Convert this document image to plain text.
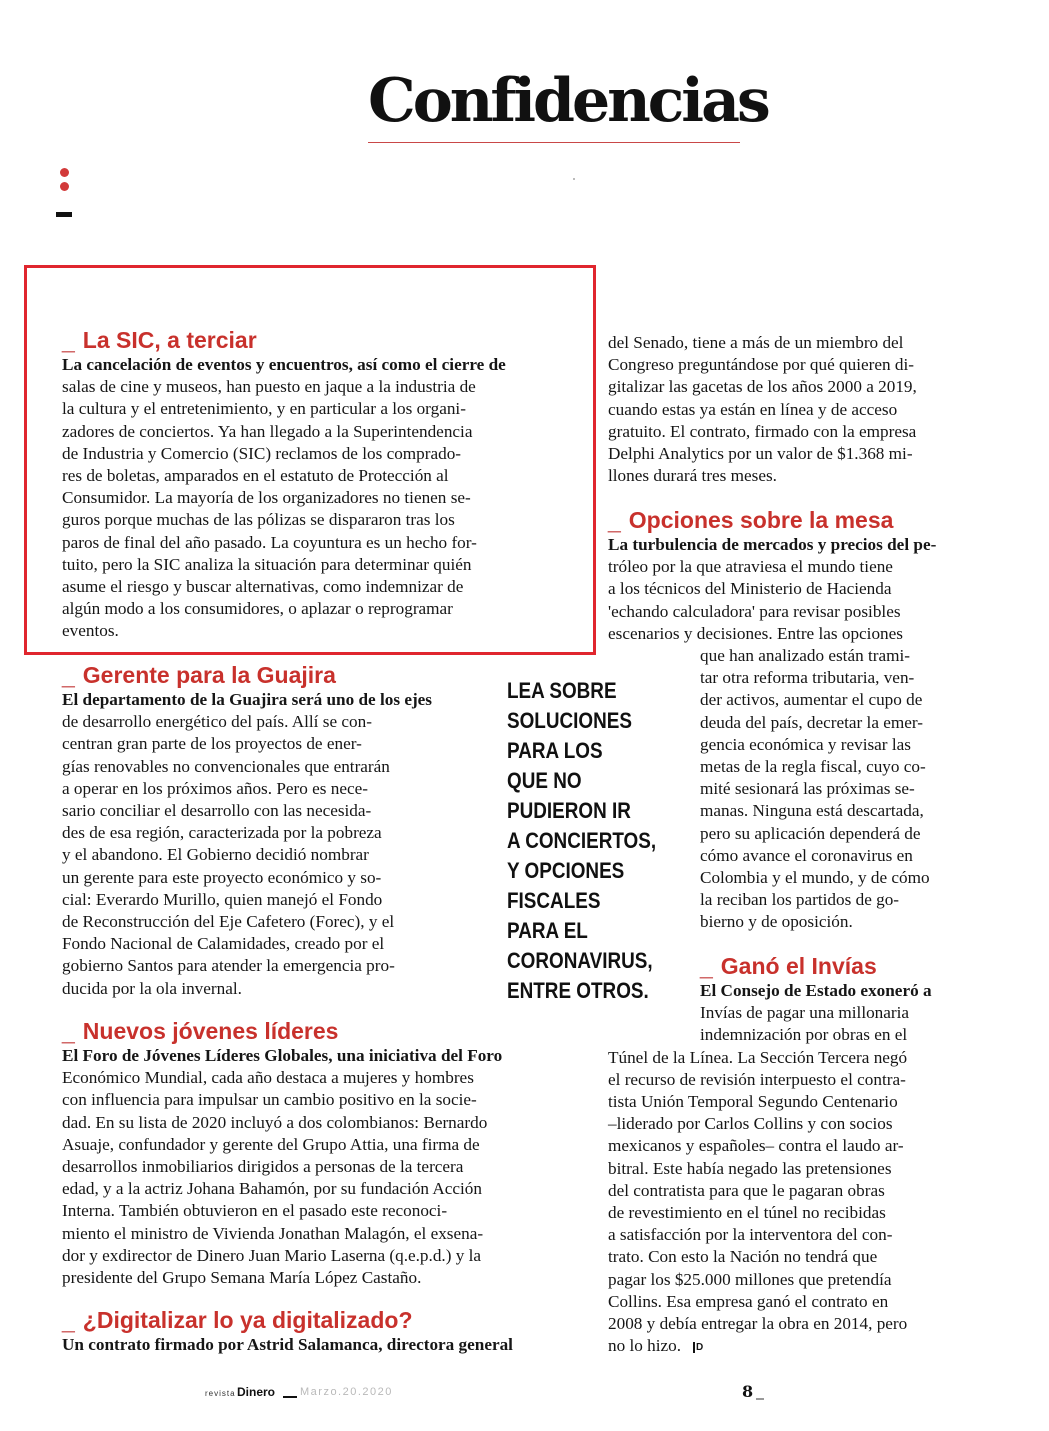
Confidencias
_ La SIC, a terciar
La cancelación de eventos y encuentros, así como el cierre de
salas de cine y museos, han puesto en jaque a la industria de
la cultura y el entretenimiento, y en particular a los organi-
zadores de conciertos. Ya han llegado a la Superintendencia
de Industria y Comercio (SIC) reclamos de los comprado-
res de boletas, amparados en el estatuto de Protección al
Consumidor. La mayoría de los organizadores no tienen se-
guros porque muchas de las pólizas se dispararon tras los
paros de final del año pasado. La coyuntura es un hecho for-
tuito, pero la SIC analiza la situación para determinar quién
asume el riesgo y buscar alternativas, como indemnizar de
algún modo a los consumidores, o aplazar o reprogramar
eventos.
_ Gerente para la Guajira
El departamento de la Guajira será uno de los ejes
de desarrollo energético del país. Allí se con-
centran gran parte de los proyectos de ener-
gías renovables no convencionales que entrarán
a operar en los próximos años. Pero es nece-
sario conciliar el desarrollo con las necesida-
des de esa región, caracterizada por la pobreza
y el abandono. El Gobierno decidió nombrar
un gerente para este proyecto económico y so-
cial: Everardo Murillo, quien manejó el Fondo
de Reconstrucción del Eje Cafetero (Forec), y el
Fondo Nacional de Calamidades, creado por el
gobierno Santos para atender la emergencia pro-
ducida por la ola invernal.
LEA SOBRE
SOLUCIONES
PARA LOS
QUE NO
PUDIERON IR
A CONCIERTOS,
Y OPCIONES
FISCALES
PARA EL
CORONAVIRUS,
ENTRE OTROS.
_ Nuevos jóvenes líderes
El Foro de Jóvenes Líderes Globales, una iniciativa del Foro
Económico Mundial, cada año destaca a mujeres y hombres
con influencia para impulsar un cambio positivo en la socie-
dad. En su lista de 2020 incluyó a dos colombianos: Bernardo
Asuaje, confundador y gerente del Grupo Attia, una firma de
desarrollos inmobiliarios dirigidos a personas de la tercera
edad, y a la actriz Johana Bahamón, por su fundación Acción
Interna. También obtuvieron en el pasado este reconoci-
miento el ministro de Vivienda Jonathan Malagón, el exsena-
dor y exdirector de Dinero Juan Mario Laserna (q.e.p.d.) y la
presidente del Grupo Semana María López Castaño.
_ ¿Digitalizar lo ya digitalizado?
Un contrato firmado por Astrid Salamanca, directora general
del Senado, tiene a más de un miembro del
Congreso preguntándose por qué quieren di-
gitalizar las gacetas de los años 2000 a 2019,
cuando estas ya están en línea y de acceso
gratuito. El contrato, firmado con la empresa
Delphi Analytics por un valor de $1.368 mi-
llones durará tres meses.
_ Opciones sobre la mesa
La turbulencia de mercados y precios del pe-
tróleo por la que atraviesa el mundo tiene
a los técnicos del Ministerio de Hacienda
'echando calculadora' para revisar posibles
escenarios y decisiones. Entre las opciones
que han analizado están trami-
tar otra reforma tributaria, ven-
der activos, aumentar el cupo de
deuda del país, decretar la emer-
gencia económica y revisar las
metas de la regla fiscal, cuyo co-
mité sesionará las próximas se-
manas. Ninguna está descartada,
pero su aplicación dependerá de
cómo avance el coronavirus en
Colombia y el mundo, y de cómo
la reciban los partidos de go-
bierno y de oposición.
_ Ganó el Invías
El Consejo de Estado exoneró a
Invías de pagar una millonaria
indemnización por obras en el
Túnel de la Línea. La Sección Tercera negó
el recurso de revisión interpuesto el contra-
tista Unión Temporal Segundo Centenario
–liderado por Carlos Collins y con socios
mexicanos y españoles– contra el laudo ar-
bitral. Este había negado las pretensiones
del contratista para que le pagaran obras
de revestimiento en el túnel no recibidas
a satisfacción por la interventora del con-
trato. Con esto la Nación no tendrá que
pagar los $25.000 millones que pretendía
Collins. Esa empresa ganó el contrato en
2008 y debía entregar la obra en 2014, pero
no lo hizo.	D
revista Dinero Marzo.20.2020	8
